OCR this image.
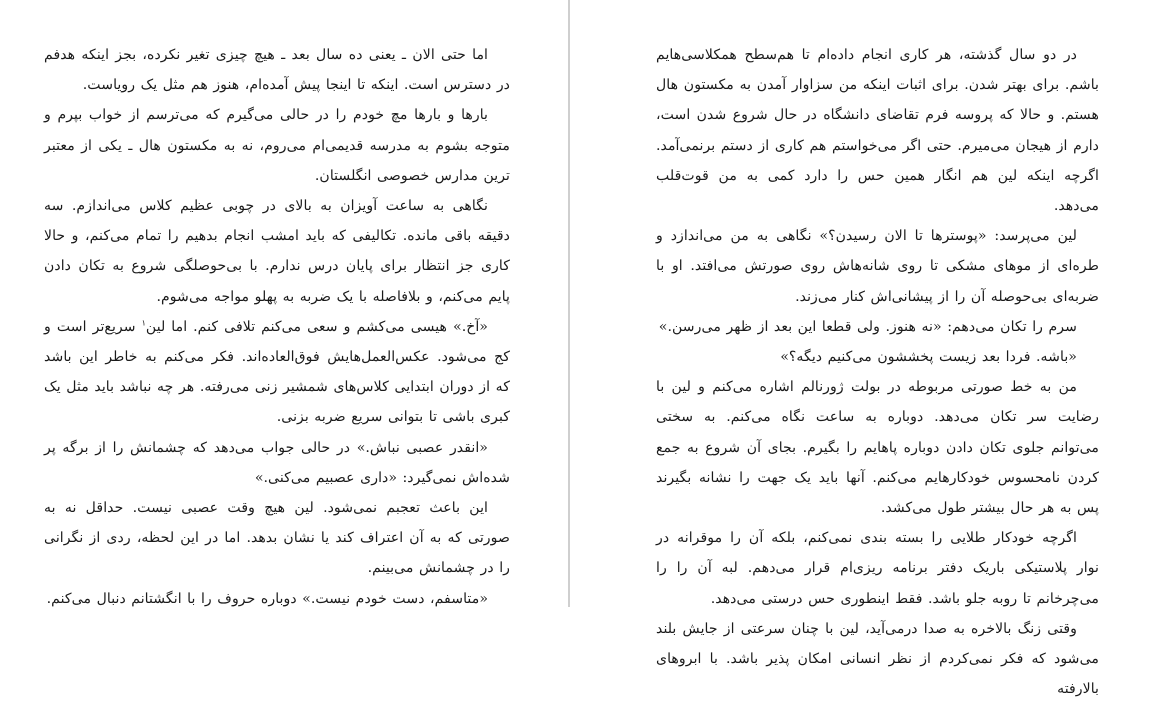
اما حتی الان ـ یعنی ده سال بعد ـ هیچ چیزی تغیر نکرده، بجز اینکه هدفم در دسترس است. اینکه تا اینجا پیش آمده‌ام، هنوز هم مثل یک رویاست.

بارها و بارها مچ خودم را در حالی می‌گیرم که می‌ترسم از خواب بپرم و متوجه بشوم به مدرسه قدیمی‌ام می‌روم، نه به مکستون هال ـ یکی از معتبر ترین مدارس خصوصی انگلستان.

نگاهی به ساعت آویزان به بالای در چوبی عظیم کلاس می‌اندازم. سه دقیقه باقی مانده. تکالیفی که باید امشب انجام بدهیم را تمام می‌کنم، و حالا کاری جز انتظار برای پایان درس ندارم. با بی‌حوصلگی شروع به تکان دادن پایم می‌کنم، و بلافاصله با یک ضربه به پهلو مواجه می‌شوم.

«آخ.» هیسی می‌کشم و سعی می‌کنم تلافی کنم. اما لین$^۱$ سریع‌تر است و کج می‌شود. عکس‌العمل‌هایش فوق‌العاده‌اند. فکر می‌کنم به خاطر این باشد که از دوران ابتدایی کلاس‌های شمشیر زنی می‌رفته. هر چه نباشد باید مثل یک کبری باشی تا بتوانی سریع ضربه بزنی.

«انقدر عصبی نباش.» در حالی جواب می‌دهد که چشمانش را از برگه پر شده‌اش نمی‌گیرد: «داری عصبیم می‌کنی.»

این باعث تعجبم نمی‌شود. لین هیچ وقت عصبی نیست. حداقل نه به صورتی که به آن اعتراف کند یا نشان بدهد. اما در این لحظه، ردی از نگرانی را در چشمانش می‌بینم.

«متاسفم، دست خودم نیست.» دوباره حروف را با انگشتانم دنبال می‌کنم.

در دو سال گذشته، هر کاری انجام داده‌ام تا هم‌سطح همکلاسی‌هایم باشم. برای بهتر شدن. برای اثبات اینکه من سزاوار آمدن به مکستون هال هستم. و حالا که پروسه فرم تقاضای دانشگاه در حال شروع شدن است، دارم از هیجان می‌میرم. حتی اگر می‌خواستم هم کاری از دستم برنمی‌آمد. اگرچه اینکه لین هم انگار همین حس را دارد کمی به من قوت‌قلب می‌دهد.

لین می‌پرسد: «پوسترها تا الان رسیدن؟» نگاهی به من می‌اندازد و طره‌ای از موهای مشکی تا روی شانه‌هاش روی صورتش می‌افتد. او با ضربه‌ای بی‌حوصله آن را از پیشانی‌اش کنار می‌زند.

سرم را تکان می‌دهم: «نه هنوز. ولی قطعا این بعد از ظهر می‌رسن.»

«باشه. فردا بعد زیست پخششون می‌کنیم دیگه؟»

من به خط صورتی مربوطه در بولت ژورنالم اشاره می‌کنم و لین با رضایت سر تکان می‌دهد. دوباره به ساعت نگاه می‌کنم. به سختی می‌توانم جلوی تکان دادن دوباره پاهایم را بگیرم. بجای آن شروع به جمع کردن نامحسوس خودکارهایم می‌کنم. آنها باید یک جهت را نشانه بگیرند پس به هر حال بیشتر طول می‌کشد.

اگرچه خودکار طلایی را بسته بندی نمی‌کنم، بلکه آن را موقرانه در نوار پلاستیکی باریک دفتر برنامه ریزی‌ام قرار می‌دهم. لبه آن را را می‌چرخانم تا روبه جلو باشد. فقط اینطوری حس درستی می‌دهد.

وقتی زنگ بالاخره به صدا درمی‌آید، لین با چنان سرعتی از جایش بلند می‌شود که فکر نمی‌کردم از نظر انسانی امکان پذیر باشد. با ابروهای بالارفته
